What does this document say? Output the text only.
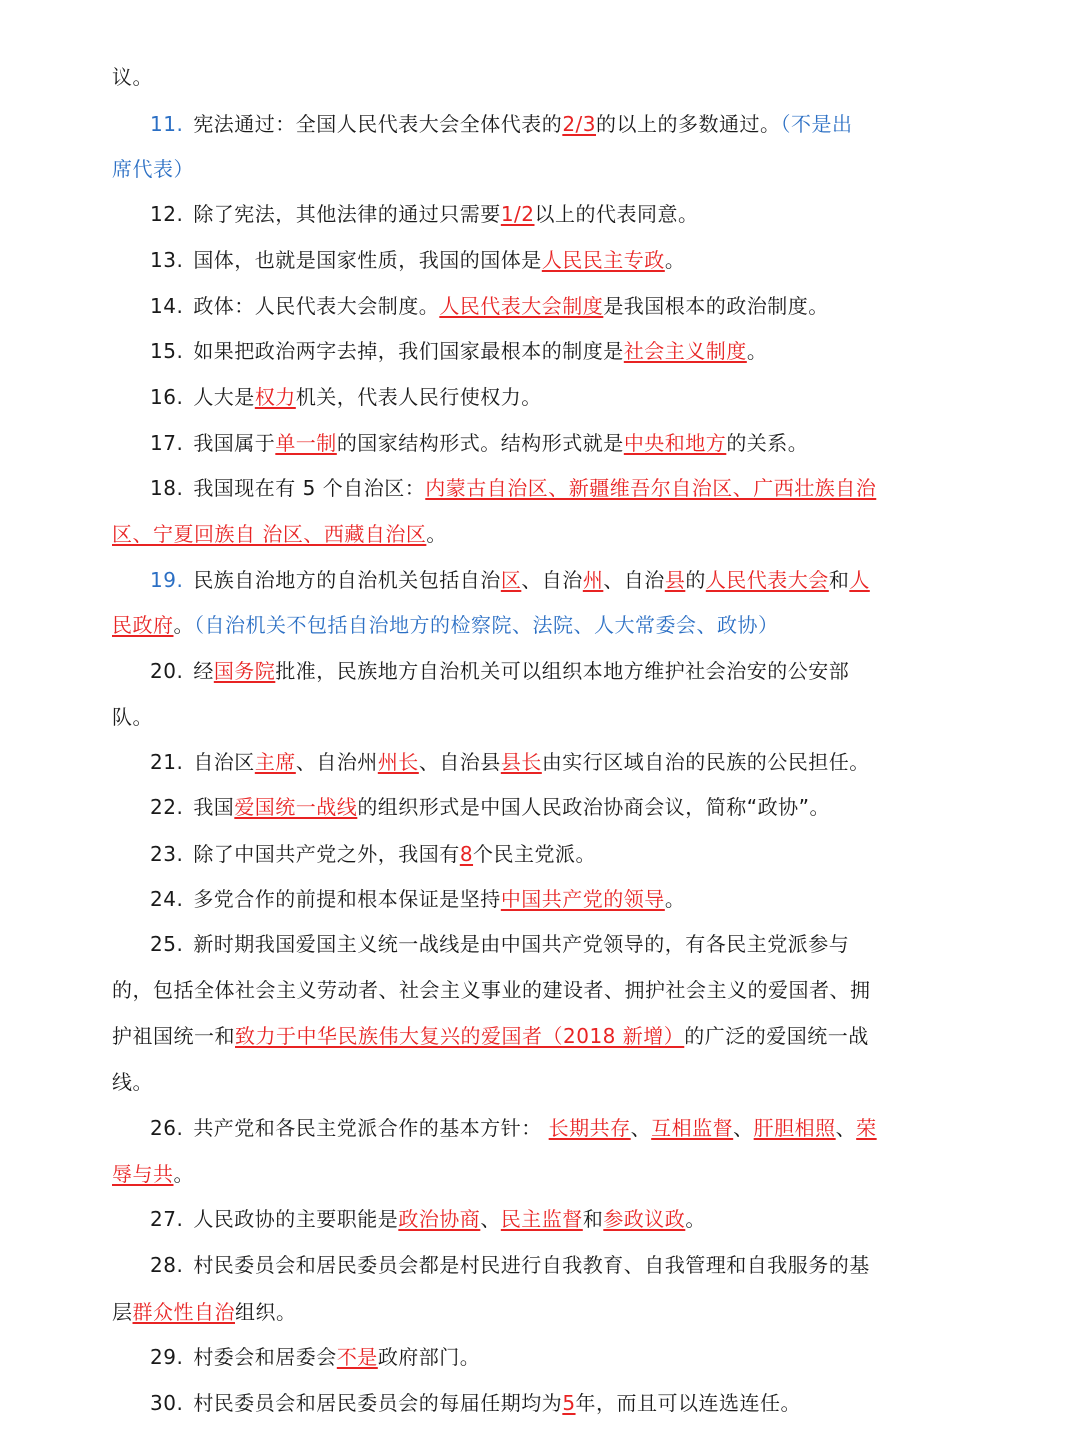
议。
11. 宪法通过：全国人民代表大会全体代表的2/3的以上的多数通过。（不是出
席代表）
12. 除了宪法，其他法律的通过只需要1/2以上的代表同意。
13. 国体，也就是国家性质，我国的国体是人民民主专政。
14. 政体：人民代表大会制度。人民代表大会制度是我国根本的政治制度。
15. 如果把政治两字去掉，我们国家最根本的制度是社会主义制度。
16. 人大是权力机关，代表人民行使权力。
17. 我国属于单一制的国家结构形式。结构形式就是中央和地方的关系。
18. 我国现在有 5 个自治区：内蒙古自治区、新疆维吾尔自治区、广西壮族自治
区、宁夏回族自 治区、西藏自治区。
19. 民族自治地方的自治机关包括自治区、自治州、自治县的人民代表大会和人
民政府。（自治机关不包括自治地方的检察院、法院、人大常委会、政协）
20. 经国务院批准，民族地方自治机关可以组织本地方维护社会治安的公安部
队。
21. 自治区主席、自治州州长、自治县县长由实行区域自治的民族的公民担任。
22. 我国爱国统一战线的组织形式是中国人民政治协商会议，简称“政协”。
23. 除了中国共产党之外，我国有8个民主党派。
24. 多党合作的前提和根本保证是坚持中国共产党的领导。
25. 新时期我国爱国主义统一战线是由中国共产党领导的，有各民主党派参与
的，包括全体社会主义劳动者、社会主义事业的建设者、拥护社会主义的爱国者、拥
护祖国统一和致力于中华民族伟大复兴的爱国者（2018 新增）的广泛的爱国统一战
线。
26. 共产党和各民主党派合作的基本方针： 长期共存、互相监督、肝胆相照、荣
辱与共。
27. 人民政协的主要职能是政治协商、民主监督和参政议政。
28. 村民委员会和居民委员会都是村民进行自我教育、自我管理和自我服务的基
层群众性自治组织。
29. 村委会和居委会不是政府部门。
30. 村民委员会和居民委员会的每届任期均为5年，而且可以连选连任。
